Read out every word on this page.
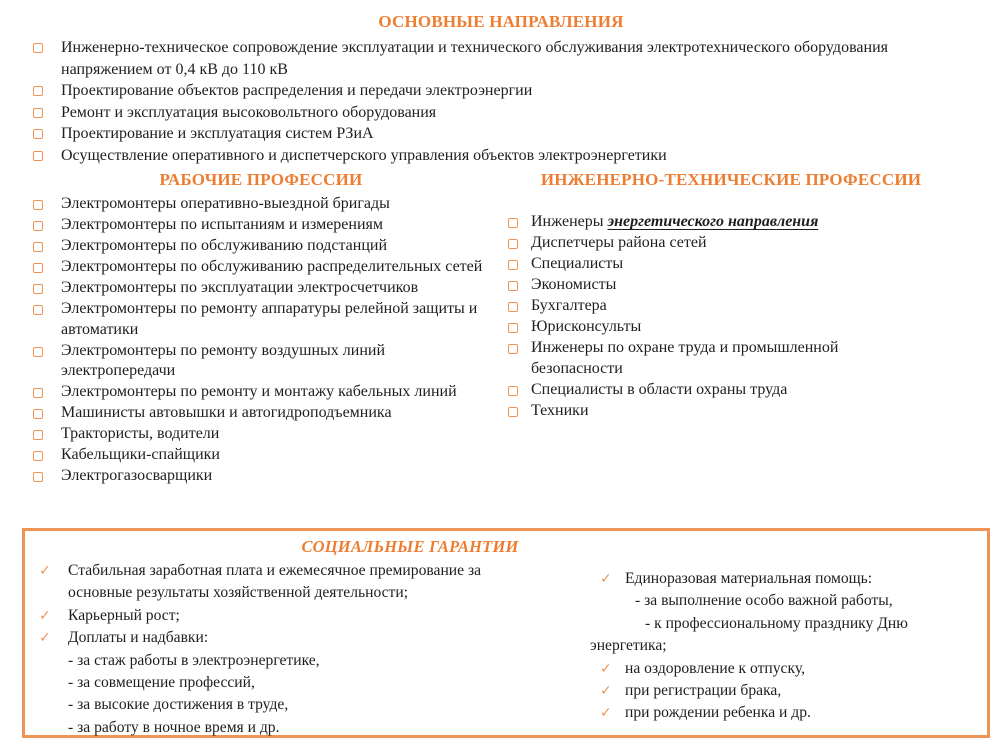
ОСНОВНЫЕ НАПРАВЛЕНИЯ
Инженерно-техническое сопровождение эксплуатации и технического обслуживания электротехнического оборудования напряжением от 0,4 кВ до 110 кВ
Проектирование объектов распределения и передачи электроэнергии
Ремонт и эксплуатация высоковольтного оборудования
Проектирование и эксплуатация систем РЗиА
Осуществление оперативного и диспетчерского управления объектов электроэнергетики
РАБОЧИЕ ПРОФЕССИИ
Электромонтеры оперативно-выездной бригады
Электромонтеры по испытаниям и измерениям
Электромонтеры по обслуживанию подстанций
Электромонтеры по обслуживанию распределительных сетей
Электромонтеры по эксплуатации электросчетчиков
Электромонтеры по ремонту аппаратуры релейной защиты и автоматики
Электромонтеры по ремонту воздушных линий электропередачи
Электромонтеры по ремонту и монтажу кабельных линий
Машинисты автовышки и автогидроподъемника
Трактористы, водители
Кабельщики-спайщики
Электрогазосварщики
ИНЖЕНЕРНО-ТЕХНИЧЕСКИЕ ПРОФЕССИИ
Инженеры энергетического направления
Диспетчеры района сетей
Специалисты
Экономисты
Бухгалтера
Юрисконсульты
Инженеры по охране труда и промышленной безопасности
Специалисты в области охраны труда
Техники
СОЦИАЛЬНЫЕ ГАРАНТИИ
✓	Стабильная заработная плата и ежемесячное премирование за основные результаты хозяйственной деятельности;
✓	Карьерный рост;
✓	Доплаты и надбавки:
- за стаж работы в электроэнергетике,
- за совмещение профессий,
- за высокие достижения в труде,
- за работу в ночное время и др.
✓ Единоразовая материальная помощь:
- за выполнение особо важной работы,
- к профессиональному празднику Дню
энергетика;
✓ на оздоровление к отпуску,
✓ при регистрации брака,
✓ при рождении ребенка и др.
